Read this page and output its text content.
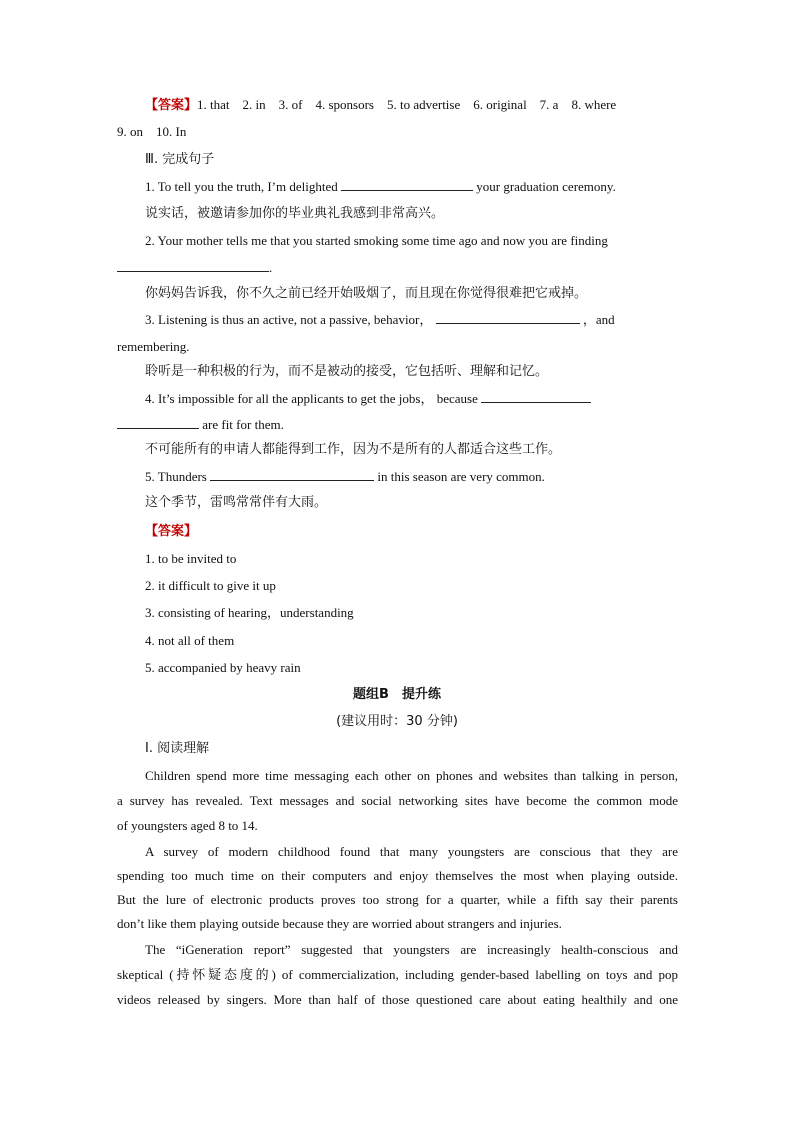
【答案】1. that　2. in　3. of　4. sponsors　5. to advertise　6. original　7. a　8. where
9. on　10. In
Ⅲ. 完成句子
1. To tell you the truth, I’m delighted	your graduation ceremony.
说实话，被邀请参加你的毕业典礼我感到非常高兴。
2. Your mother tells me that you started smoking some time ago and now you are finding
.
你妈妈告诉我，你不久之前已经开始吸烟了，而且现在你觉得很难把它戒掉。
3. Listening is thus an active, not a passive, behavior，	，and
remembering.
聆听是一种积极的行为，而不是被动的接受，它包括听、理解和记忆。
4. It’s impossible for all the applicants to get the jobs， because
are fit for them.
不可能所有的申请人都能得到工作，因为不是所有的人都适合这些工作。
5. Thunders	in this season are very common.
这个季节，雷鸣常常伴有大雨。
【答案】
1. to be invited to
2. it difficult to give it up
3. consisting of hearing，understanding
4. not all of them
5. accompanied by heavy rain
题组B　提升练
(建议用时：30 分钟)
Ⅰ. 阅读理解
Children spend more time messaging each other on phones and websites than talking in person,
a survey has revealed. Text messages and social networking sites have become the common mode
of youngsters aged 8 to 14.
A survey of modern childhood found that many youngsters are conscious that they are
spending too much time on their computers and enjoy themselves the most when playing outside.
But the lure of electronic products proves too strong for a quarter, while a fifth say their parents
don’t like them playing outside because they are worried about strangers and injuries.
The “iGeneration report” suggested that youngsters are increasingly health-conscious and
skeptical (持怀疑态度的) of commercialization, including gender-based labelling on toys and pop
videos released by singers. More than half of those questioned care about eating healthily and one
